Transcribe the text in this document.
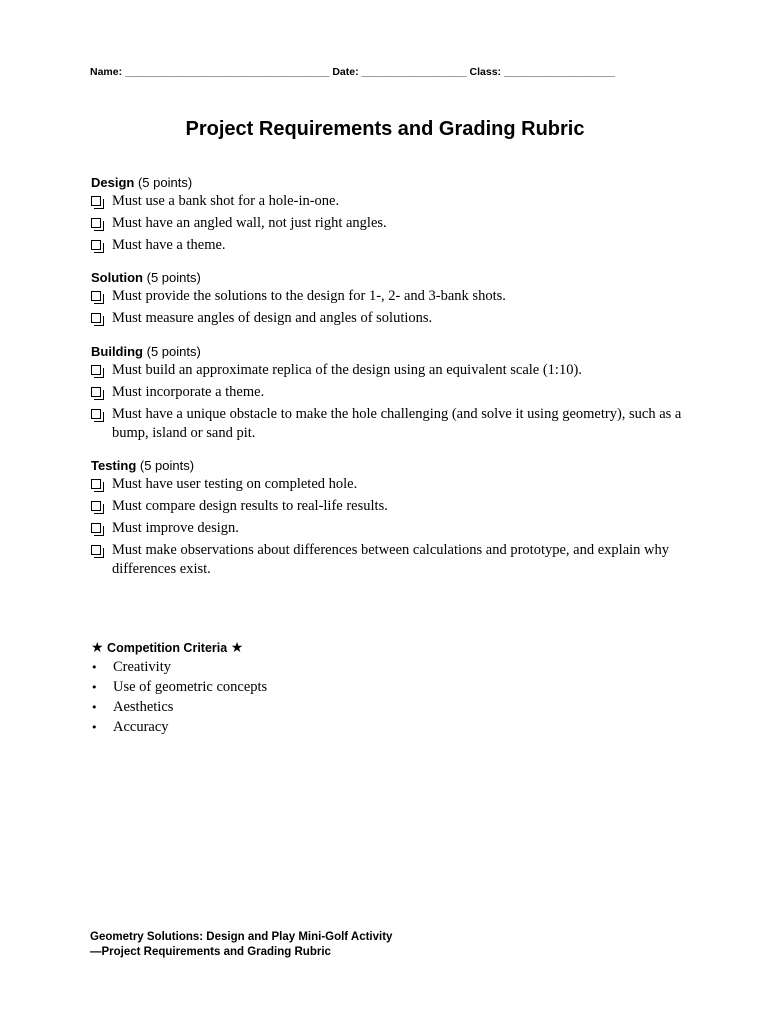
Name: ___________________________________ Date: __________________ Class: ___________________
Project Requirements and Grading Rubric
Design (5 points)
Must use a bank shot for a hole-in-one.
Must have an angled wall, not just right angles.
Must have a theme.
Solution (5 points)
Must provide the solutions to the design for 1-, 2- and 3-bank shots.
Must measure angles of design and angles of solutions.
Building (5 points)
Must build an approximate replica of the design using an equivalent scale (1:10).
Must incorporate a theme.
Must have a unique obstacle to make the hole challenging (and solve it using geometry), such as a bump, island or sand pit.
Testing (5 points)
Must have user testing on completed hole.
Must compare design results to real-life results.
Must improve design.
Must make observations about differences between calculations and prototype, and explain why differences exist.
★ Competition Criteria ★
•	Creativity
•	Use of geometric concepts
•	Aesthetics
•	Accuracy
Geometry Solutions: Design and Play Mini-Golf Activity
—Project Requirements and Grading Rubric
